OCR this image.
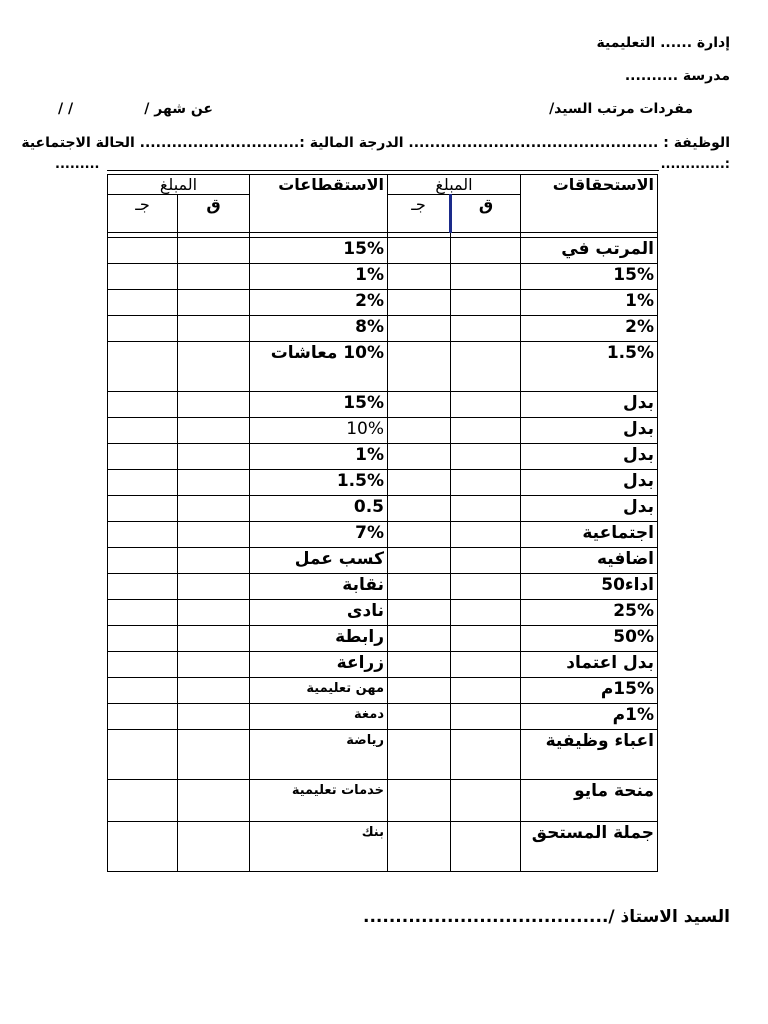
إدارة ...... التعليمية
مدرسة ..........
مفردات مرتب السيد/
عن شهر /
/ /
الوظيفة : ............................................... الدرجة المالية :.............................. الحالة الاجتماعية
:.............
.........
الاستحقاقات	المبلغ		الاستقطاعات	المبلغ	
	ق	جـ		ق	جـ

المرتب في			15%		
15%			1%		
1%			2%		
2%			8%		
1.5%			10% معاشات		
بدل			15%		
بدل			10%		
بدل			1%		
بدل			1.5%		
بدل			0.5		
اجتماعية			7%		
اضافيه			كسب عمل		
اداء50			نقابة		
25%			نادى		
50%			رابطة		
بدل اعتماد			زراعة		
15%م			مهن تعليمية		
1%م			دمغة		
اعباء وظيفية			رياضة		
منحة مايو			خدمات تعليمية		
جملة المستحق			بنك		
السيد الاستاذ /......................................
